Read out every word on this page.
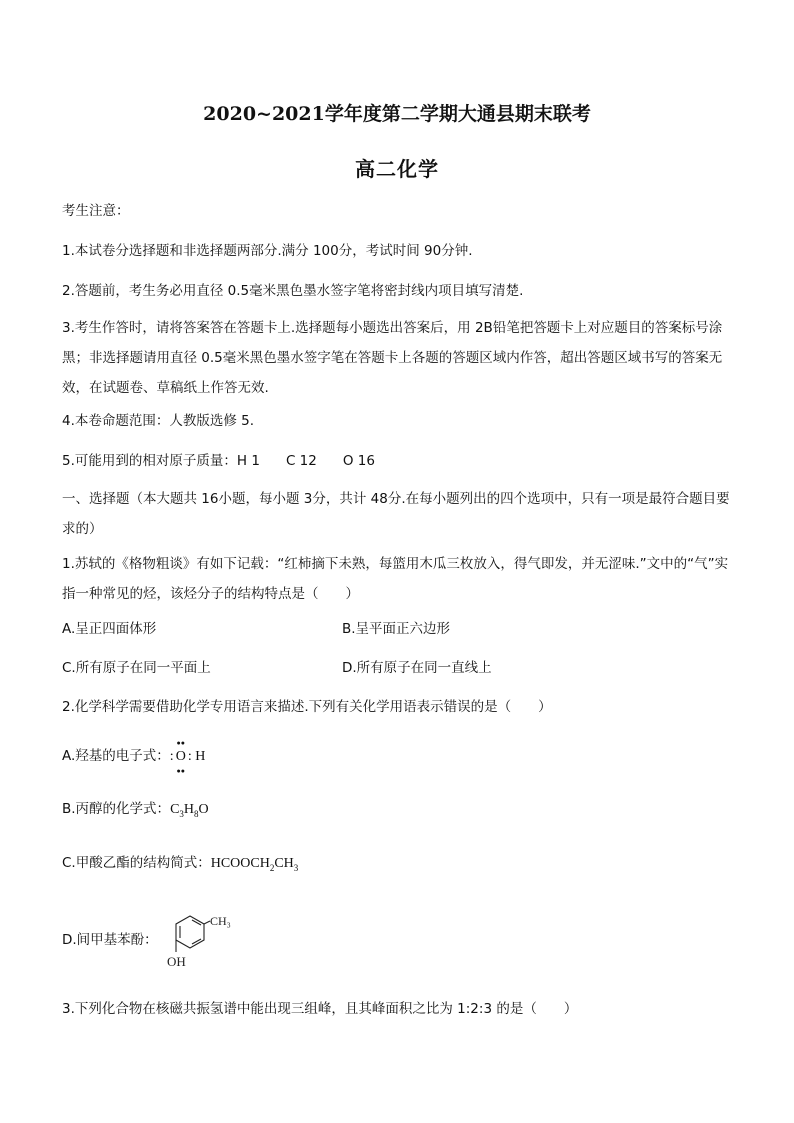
2020~2021学年度第二学期大通县期末联考
高二化学
考生注意：
1.本试卷分选择题和非选择题两部分.满分 100分，考试时间 90分钟.
2.答题前，考生务必用直径 0.5毫米黑色墨水签字笔将密封线内项目填写清楚.
3.考生作答时，请将答案答在答题卡上.选择题每小题选出答案后，用 2B铅笔把答题卡上对应题目的答案标号涂黑；非选择题请用直径 0.5毫米黑色墨水签字笔在答题卡上各题的答题区域内作答，超出答题区域书写的答案无效，在试题卷、草稿纸上作答无效.
4.本卷命题范围：人教版选修 5.
5.可能用到的相对原子质量：H 1 C 12 O 16
一、选择题（本大题共 16小题，每小题 3分，共计 48分.在每小题列出的四个选项中，只有一项是最符合题目要求的）
1.苏轼的《格物粗谈》有如下记载：“红柿摘下未熟，每篮用木瓜三枚放入，得气即发，并无涩味.”文中的“气”实指一种常见的烃，该烃分子的结构特点是（　　）
A.呈正四面体形	B.呈平面正六边形
C.所有原子在同一平面上	D.所有原子在同一直线上
2.化学科学需要借助化学专用语言来描述.下列有关化学用语表示错误的是（　　）
A.羟基的电子式：:
●●
O
●●
: H
B.丙醇的化学式：$C_3H_8O$
C.甲酸乙酯的结构简式：$HCOOCH_2CH_3$
D.间甲基苯酚：
CH₃
OH
3.下列化合物在核磁共振氢谱中能出现三组峰，且其峰面积之比为 1:2:3 的是（　　）
